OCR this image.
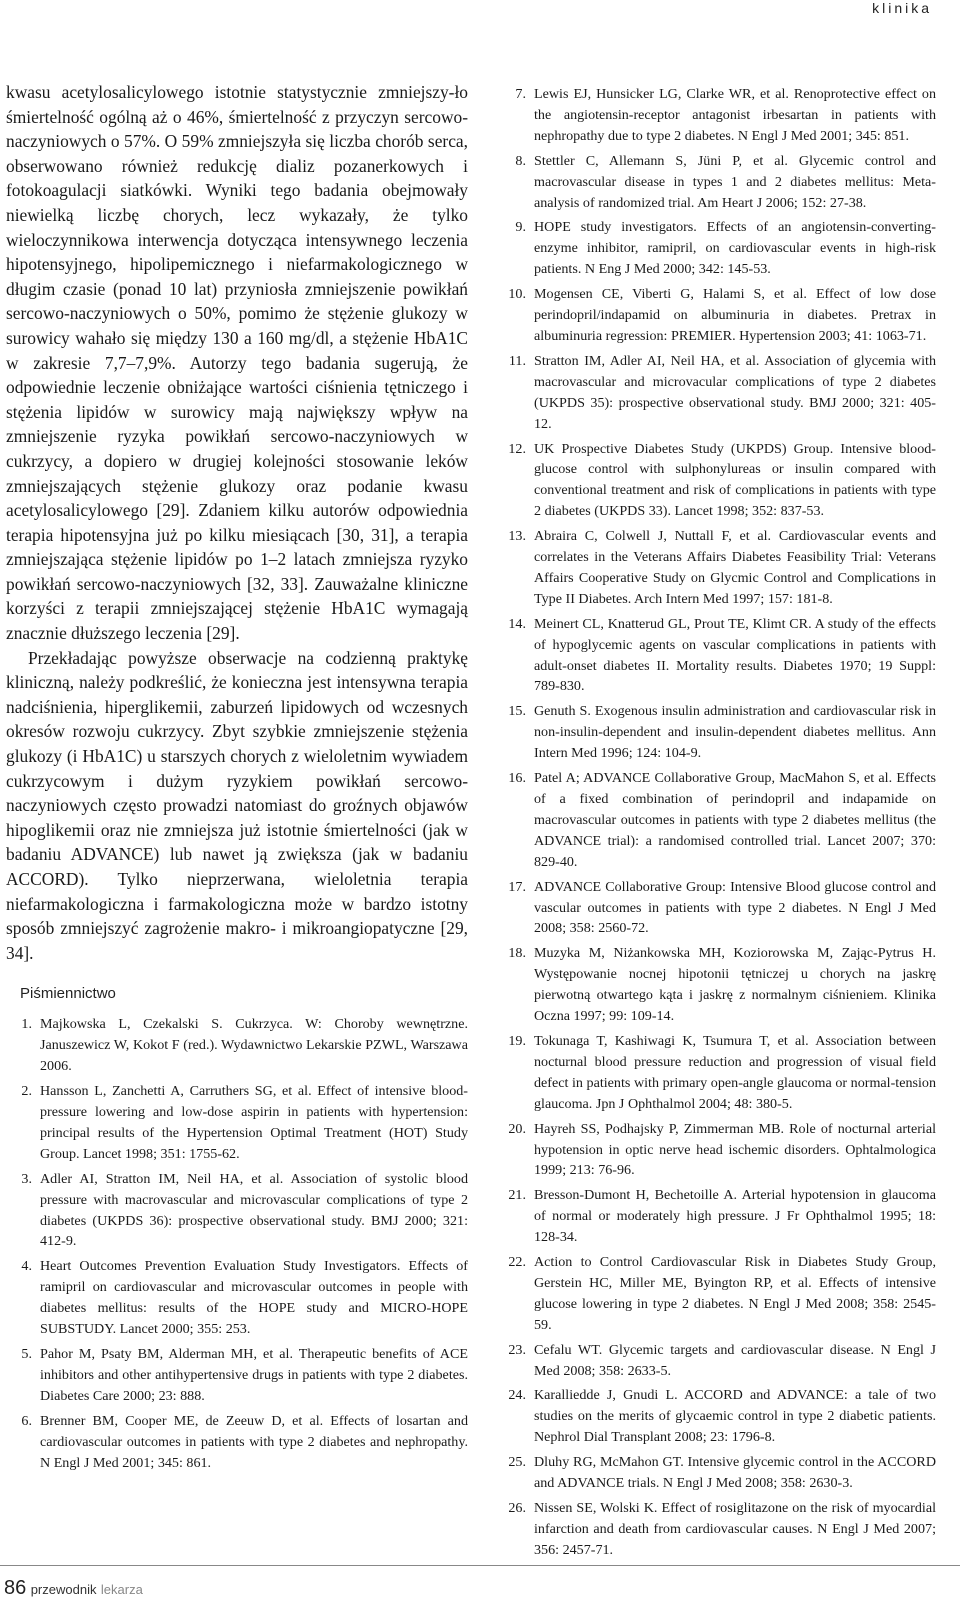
klinika

kwasu acetylosalicylowego istotnie statystycznie zmniejszy-ło śmiertelność ogólną aż o 46%, śmiertelność z przyczyn sercowo-naczyniowych o 57%. O 59% zmniejszyła się liczba chorób serca, obserwowano również redukcję dializ pozanerkowych i fotokoagulacji siatkówki. Wyniki tego badania obejmowały niewielką liczbę chorych, lecz wykazały, że tylko wieloczynnikowa interwencja dotycząca intensywnego leczenia hipotensyjnego, hipolipemicznego i niefarmakologicznego w długim czasie (ponad 10 lat) przyniosła zmniejszenie powikłań sercowo-naczyniowych o 50%, pomimo że stężenie glukozy w surowicy wahało się między 130 a 160 mg/dl, a stężenie HbA1C w zakresie 7,7–7,9%. Autorzy tego badania sugerują, że odpowiednie leczenie obniżające wartości ciśnienia tętniczego i stężenia lipidów w surowicy mają największy wpływ na zmniejszenie ryzyka powikłań sercowo-naczyniowych w cukrzycy, a dopiero w drugiej kolejności stosowanie leków zmniejszających stężenie glukozy oraz podanie kwasu acetylosalicylowego [29]. Zdaniem kilku autorów odpowiednia terapia hipotensyjna już po kilku miesiącach [30, 31], a terapia zmniejszająca stężenie lipidów po 1–2 latach zmniejsza ryzyko powikłań sercowo-naczyniowych [32, 33]. Zauważalne kliniczne korzyści z terapii zmniejszającej stężenie HbA1C wymagają znacznie dłuższego leczenia [29].

Przekładając powyższe obserwacje na codzienną praktykę kliniczną, należy podkreślić, że konieczna jest intensywna terapia nadciśnienia, hiperglikemii, zaburzeń lipidowych od wczesnych okresów rozwoju cukrzycy. Zbyt szybkie zmniejszenie stężenia glukozy (i HbA1C) u starszych chorych z wieloletnim wywiadem cukrzycowym i dużym ryzykiem powikłań sercowo-naczyniowych często prowadzi natomiast do groźnych objawów hipoglikemii oraz nie zmniejsza już istotnie śmiertelności (jak w badaniu ADVANCE) lub nawet ją zwiększa (jak w badaniu ACCORD). Tylko nieprzerwana, wieloletnia terapia niefarmakologiczna i farmakologiczna może w bardzo istotny sposób zmniejszyć zagrożenie makro- i mikroangiopatyczne [29, 34].

Piśmiennictwo
1. Majkowska L, Czekalski S. Cukrzyca. W: Choroby wewnętrzne. Januszewicz W, Kokot F (red.). Wydawnictwo Lekarskie PZWL, Warszawa 2006.
2. Hansson L, Zanchetti A, Carruthers SG, et al. Effect of intensive blood-pressure lowering and low-dose aspirin in patients with hypertension: principal results of the Hypertension Optimal Treatment (HOT) Study Group. Lancet 1998; 351: 1755-62.
3. Adler AI, Stratton IM, Neil HA, et al. Association of systolic blood pressure with macrovascular and microvascular complications of type 2 diabetes (UKPDS 36): prospective observational study. BMJ 2000; 321: 412-9.
4. Heart Outcomes Prevention Evaluation Study Investigators. Effects of ramipril on cardiovascular and microvascular outcomes in people with diabetes mellitus: results of the HOPE study and MICRO-HOPE SUBSTUDY. Lancet 2000; 355: 253.
5. Pahor M, Psaty BM, Alderman MH, et al. Therapeutic benefits of ACE inhibitors and other antihypertensive drugs in patients with type 2 diabetes. Diabetes Care 2000; 23: 888.
6. Brenner BM, Cooper ME, de Zeeuw D, et al. Effects of losartan and cardiovascular outcomes in patients with type 2 diabetes and nephropathy. N Engl J Med 2001; 345: 861.
7. Lewis EJ, Hunsicker LG, Clarke WR, et al. Renoprotective effect on the angiotensin-receptor antagonist irbesartan in patients with nephropathy due to type 2 diabetes. N Engl J Med 2001; 345: 851.
8. Stettler C, Allemann S, Jüni P, et al. Glycemic control and macrovascular disease in types 1 and 2 diabetes mellitus: Meta-analysis of randomized trial. Am Heart J 2006; 152: 27-38.
9. HOPE study investigators. Effects of an angiotensin-converting-enzyme inhibitor, ramipril, on cardiovascular events in high-risk patients. N Eng J Med 2000; 342: 145-53.
10. Mogensen CE, Viberti G, Halami S, et al. Effect of low dose perindopril/indapamid on albuminuria in diabetes. Pretrax in albuminuria regression: PREMIER. Hypertension 2003; 41: 1063-71.
11. Stratton IM, Adler AI, Neil HA, et al. Association of glycemia with macrovascular and microvacular complications of type 2 diabetes (UKPDS 35): prospective observational study. BMJ 2000; 321: 405-12.
12. UK Prospective Diabetes Study (UKPDS) Group. Intensive blood-glucose control with sulphonylureas or insulin compared with conventional treatment and risk of complications in patients with type 2 diabetes (UKPDS 33). Lancet 1998; 352: 837-53.
13. Abraira C, Colwell J, Nuttall F, et al. Cardiovascular events and correlates in the Veterans Affairs Diabetes Feasibility Trial: Veterans Affairs Cooperative Study on Glycmic Control and Complications in Type II Diabetes. Arch Intern Med 1997; 157: 181-8.
14. Meinert CL, Knatterud GL, Prout TE, Klimt CR. A study of the effects of hypoglycemic agents on vascular complications in patients with adult-onset diabetes II. Mortality results. Diabetes 1970; 19 Suppl: 789-830.
15. Genuth S. Exogenous insulin administration and cardiovascular risk in non-insulin-dependent and insulin-dependent diabetes mellitus. Ann Intern Med 1996; 124: 104-9.
16. Patel A; ADVANCE Collaborative Group, MacMahon S, et al. Effects of a fixed combination of perindopril and indapamide on macrovascular outcomes in patients with type 2 diabetes mellitus (the ADVANCE trial): a randomised controlled trial. Lancet 2007; 370: 829-40.
17. ADVANCE Collaborative Group: Intensive Blood glucose control and vascular outcomes in patients with type 2 diabetes. N Engl J Med 2008; 358: 2560-72.
18. Muzyka M, Niżankowska MH, Koziorowska M, Zając-Pytrus H. Występowanie nocnej hipotonii tętniczej u chorych na jaskrę pierwotną otwartego kąta i jaskrę z normalnym ciśnieniem. Klinika Oczna 1997; 99: 109-14.
19. Tokunaga T, Kashiwagi K, Tsumura T, et al. Association between nocturnal blood pressure reduction and progression of visual field defect in patients with primary open-angle glaucoma or normal-tension glaucoma. Jpn J Ophthalmol 2004; 48: 380-5.
20. Hayreh SS, Podhajsky P, Zimmerman MB. Role of nocturnal arterial hypotension in optic nerve head ischemic disorders. Ophtalmologica 1999; 213: 76-96.
21. Bresson-Dumont H, Bechetoille A. Arterial hypotension in glaucoma of normal or moderately high pressure. J Fr Ophthalmol 1995; 18: 128-34.
22. Action to Control Cardiovascular Risk in Diabetes Study Group, Gerstein HC, Miller ME, Byington RP, et al. Effects of intensive glucose lowering in type 2 diabetes. N Engl J Med 2008; 358: 2545-59.
23. Cefalu WT. Glycemic targets and cardiovascular disease. N Engl J Med 2008; 358: 2633-5.
24. Karalliedde J, Gnudi L. ACCORD and ADVANCE: a tale of two studies on the merits of glycaemic control in type 2 diabetic patients. Nephrol Dial Transplant 2008; 23: 1796-8.
25. Dluhy RG, McMahon GT. Intensive glycemic control in the ACCORD and ADVANCE trials. N Engl J Med 2008; 358: 2630-3.
26. Nissen SE, Wolski K. Effect of rosiglitazone on the risk of myocardial infarction and death from cardiovascular causes. N Engl J Med 2007; 356: 2457-71.
86 przewodnik lekarza
